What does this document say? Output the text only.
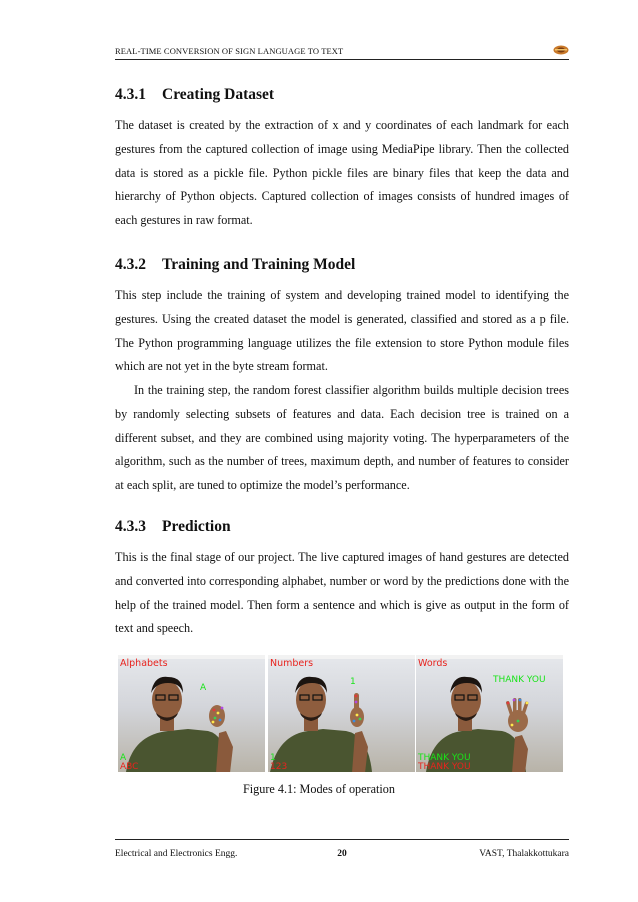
REAL-TIME CONVERSION OF SIGN LANGUAGE TO TEXT
4.3.1 Creating Dataset
The dataset is created by the extraction of x and y coordinates of each landmark for each gestures from the captured collection of image using MediaPipe library. Then the collected data is stored as a pickle file. Python pickle files are binary files that keep the data and hierarchy of Python objects. Captured collection of images consists of hundred images of each gestures in raw format.
4.3.2 Training and Training Model
This step include the training of system and developing trained model to identifying the gestures. Using the created dataset the model is generated, classified and stored as a p file. The Python programming language utilizes the file extension to store Python module files which are not yet in the byte stream format.
In the training step, the random forest classifier algorithm builds multiple decision trees by randomly selecting subsets of features and data. Each decision tree is trained on a different subset, and they are combined using majority voting. The hyperparameters of the algorithm, such as the number of trees, maximum depth, and number of features to consider at each split, are tuned to optimize the model’s performance.
4.3.3 Prediction
This is the final stage of our project. The live captured images of hand gestures are detected and converted into corresponding alphabet, number or word by the predictions done with the help of the trained model. Then form a sentence and which is give as output in the form of text and speech.
Alphabets
A
A
ABC
Numbers
1
1
123
Words
THANK YOU
THANK YOU
THANK YOU
Figure 4.1: Modes of operation
Electrical and Electronics Engg.	20	VAST, Thalakkottukara
